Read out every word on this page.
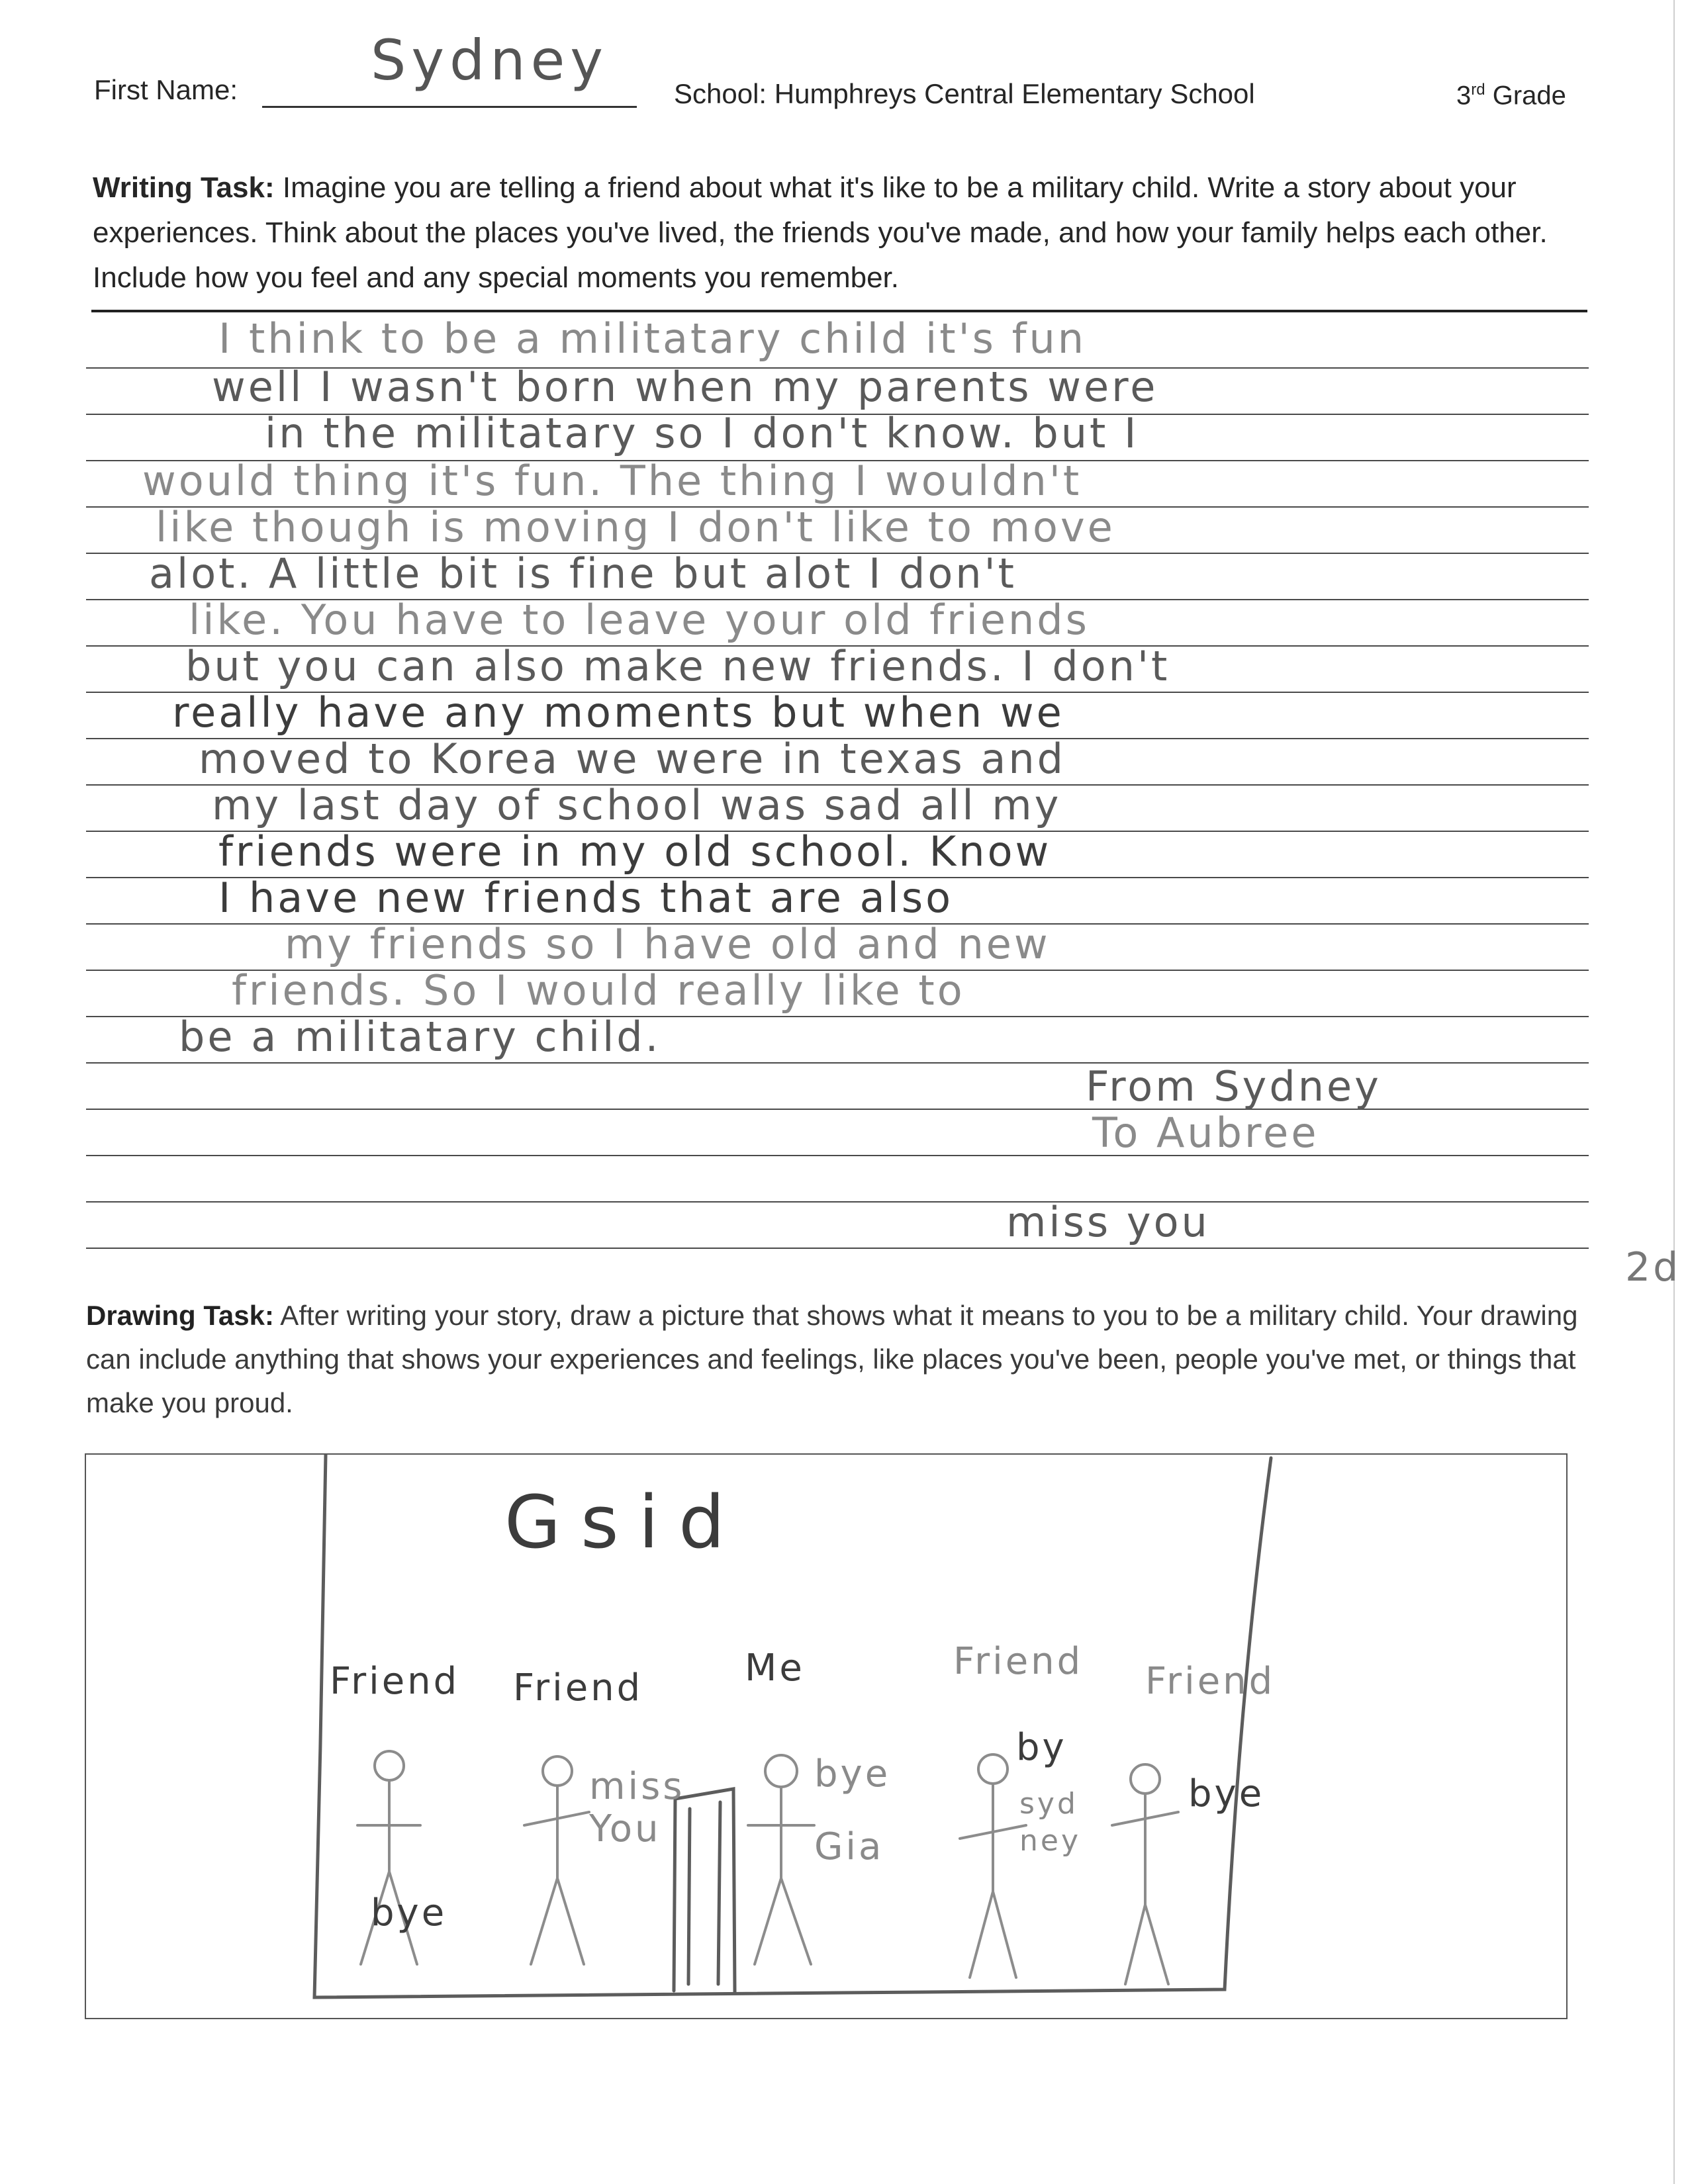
First Name: Sydney
School: Humphreys Central Elementary School	3rd Grade
Writing Task: Imagine you are telling a friend about what it's like to be a military child. Write a story about your experiences. Think about the places you've lived, the friends you've made, and how your family helps each other. Include how you feel and any special moments you remember.
I think to be a militatary child it's fun
well I wasn't born when my parents were
in the militatary so I don't know. but I
would thing it's fun. The thing I wouldn't
like though is moving I don't like to move
alot. A little bit is fine but alot I don't
like. You have to leave your old friends
but you can also make new friends. I don't
really have any moments but when we
moved to Korea we were in texas and
my last day of school was sad all my
friends were in my old school. Know
I have new friends that are also
my friends so I have old and new
friends. So I would really like to
be a militatary child.
From Sydney
To Aubree
miss you
2d
Drawing Task: After writing your story, draw a picture that shows what it means to you to be a military child. Your drawing can include anything that shows your experiences and feelings, like places you've been, people you've met, or things that make you proud.
Gsid
Friend Friend	Me	Friend Friend
bye
miss You
bye
Gia
by
syd ney
bye
